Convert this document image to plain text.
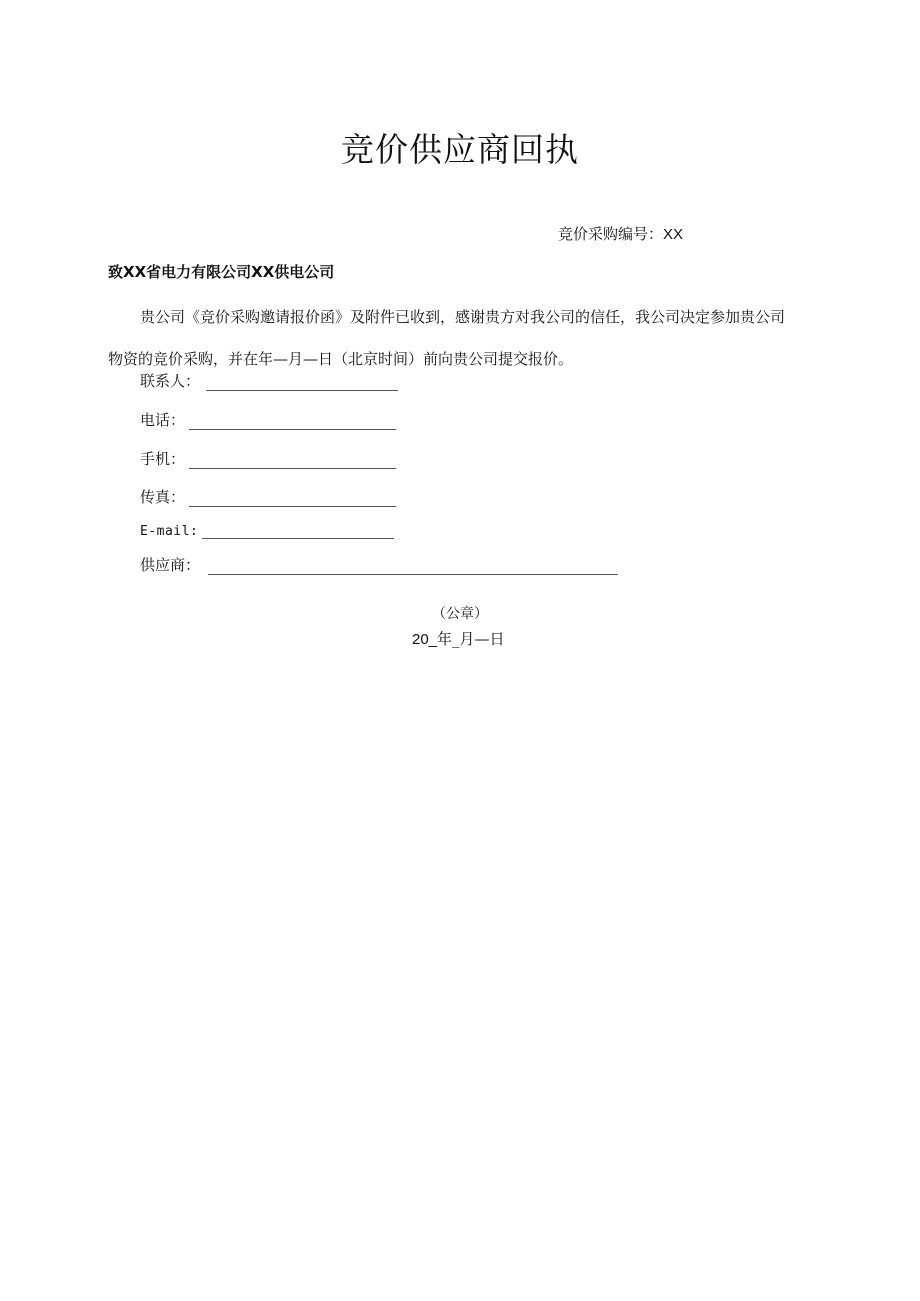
竞价供应商回执
竞价采购编号：XX
致XX省电力有限公司XX供电公司
贵公司《竞价采购邀请报价函》及附件已收到，感谢贵方对我公司的信任，我公司决定参加贵公司物资的竞价采购，并在年—月—日（北京时间）前向贵公司提交报价。
联系人：
电话：
手机：
传真：
E-mail:
供应商：
（公章）
20_年_月—日
